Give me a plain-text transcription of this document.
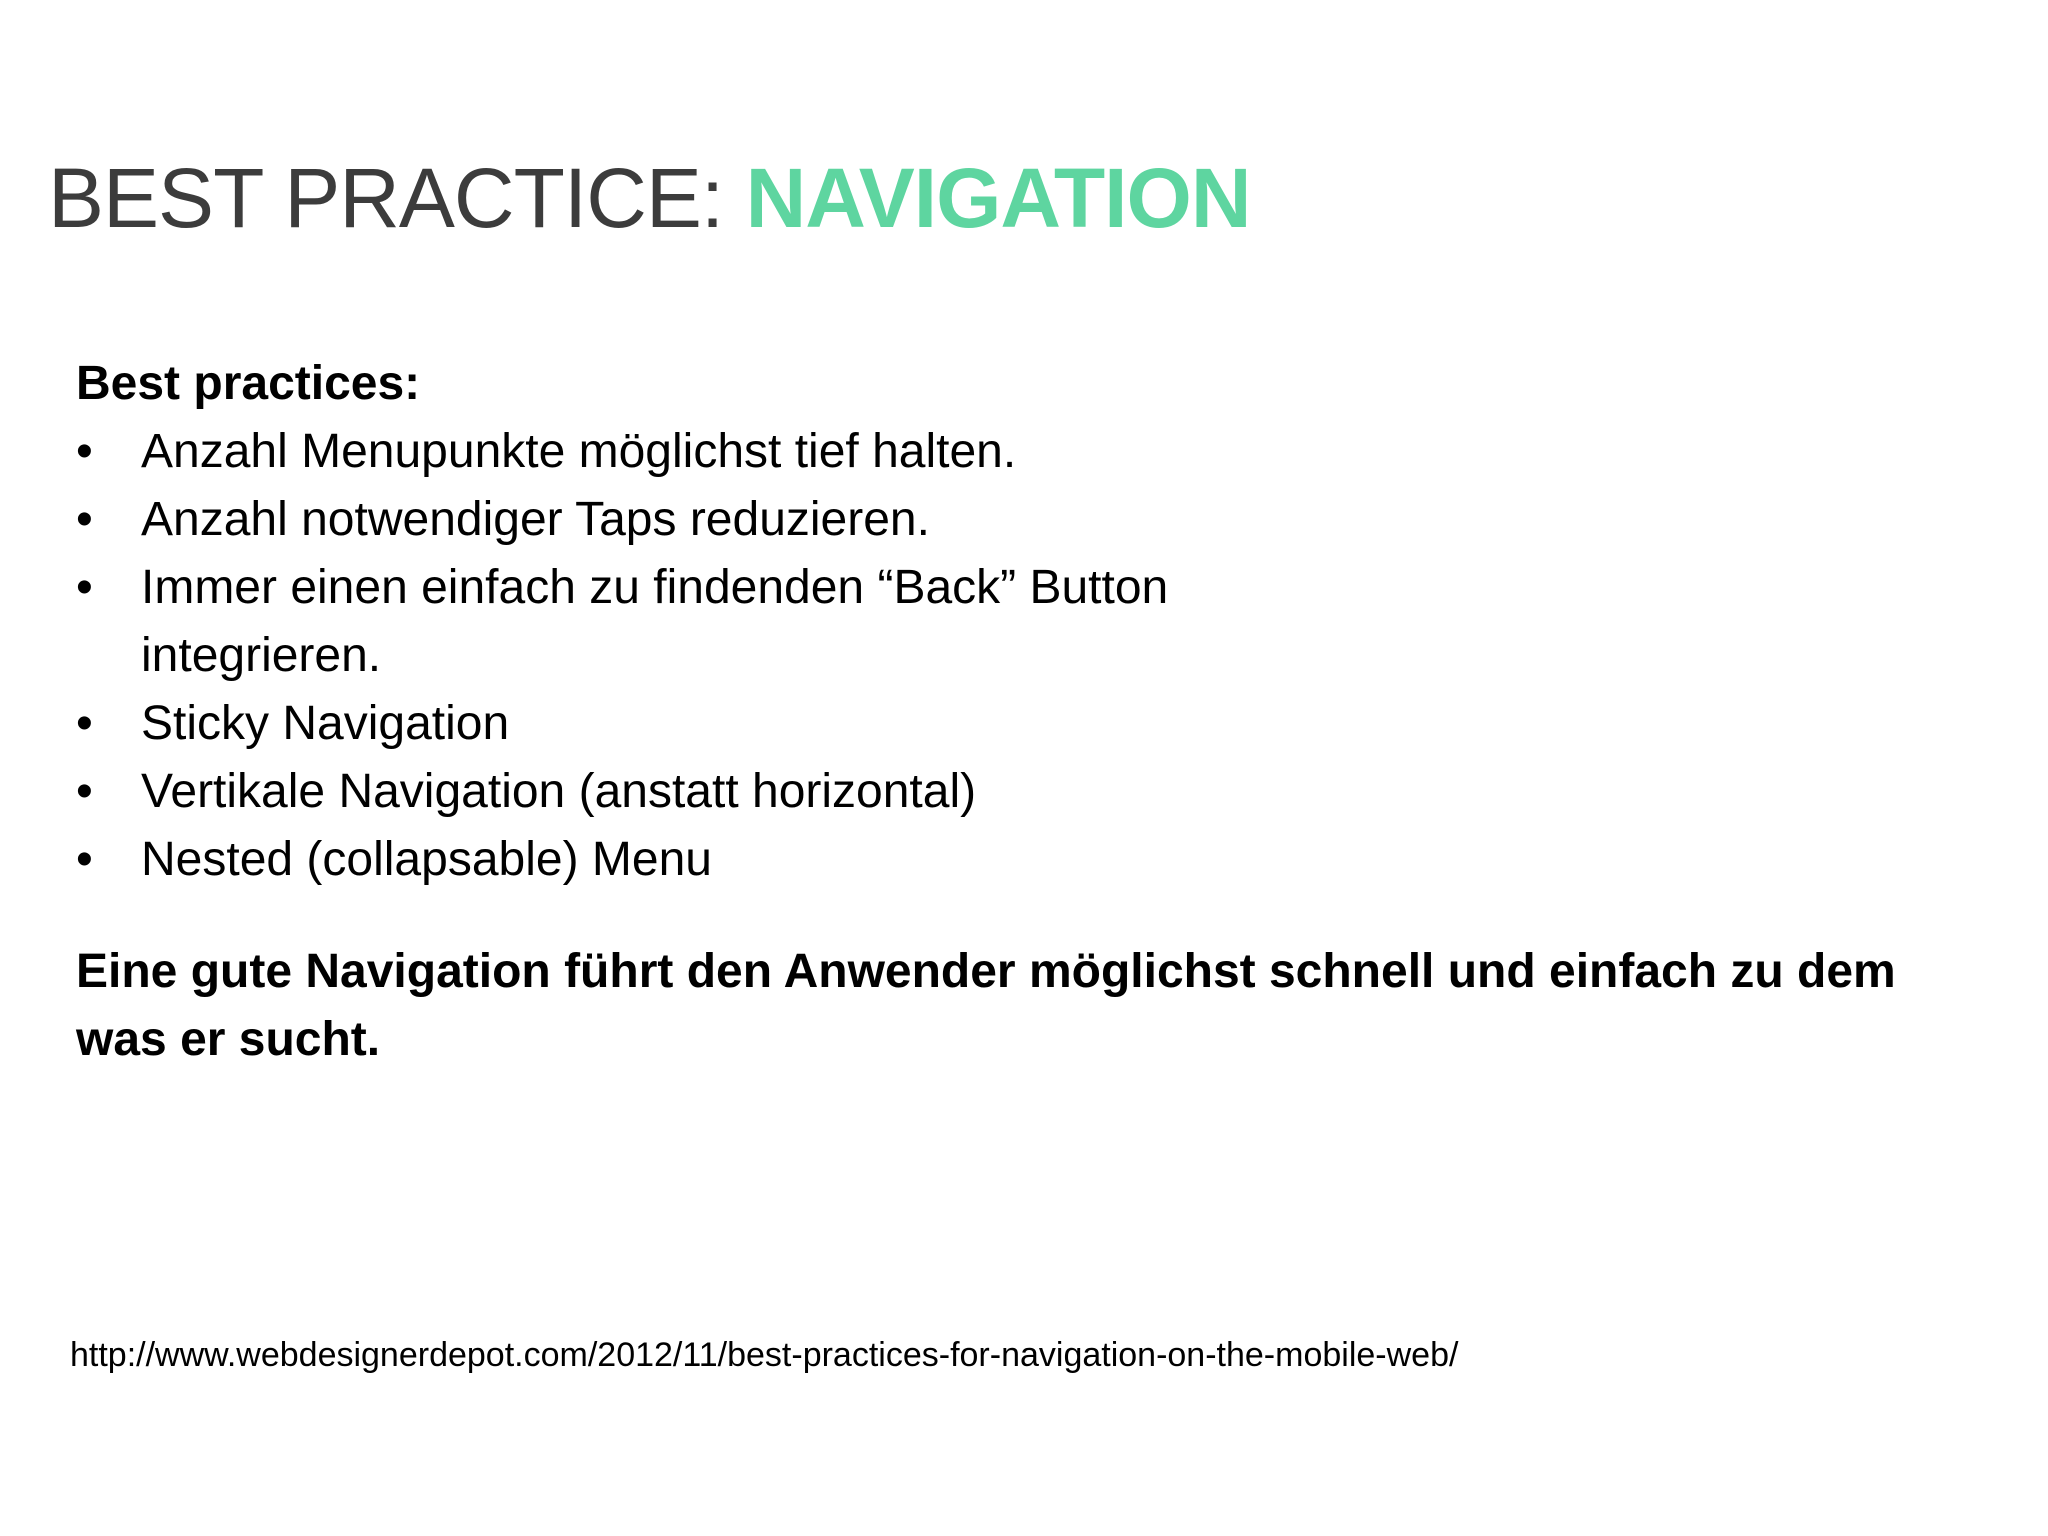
BEST PRACTICE: NAVIGATION

Best practices:

•	Anzahl Menupunkte möglichst tief halten.
•	Anzahl notwendiger Taps reduzieren.
•	Immer einen einfach zu findenden “Back” Button integrieren.
•	Sticky Navigation
•	Vertikale Navigation (anstatt horizontal)
•	Nested (collapsable) Menu
Eine gute Navigation führt den Anwender möglichst schnell und einfach zu dem was er sucht.
http://www.webdesignerdepot.com/2012/11/best-practices-for-navigation-on-the-mobile-web/
